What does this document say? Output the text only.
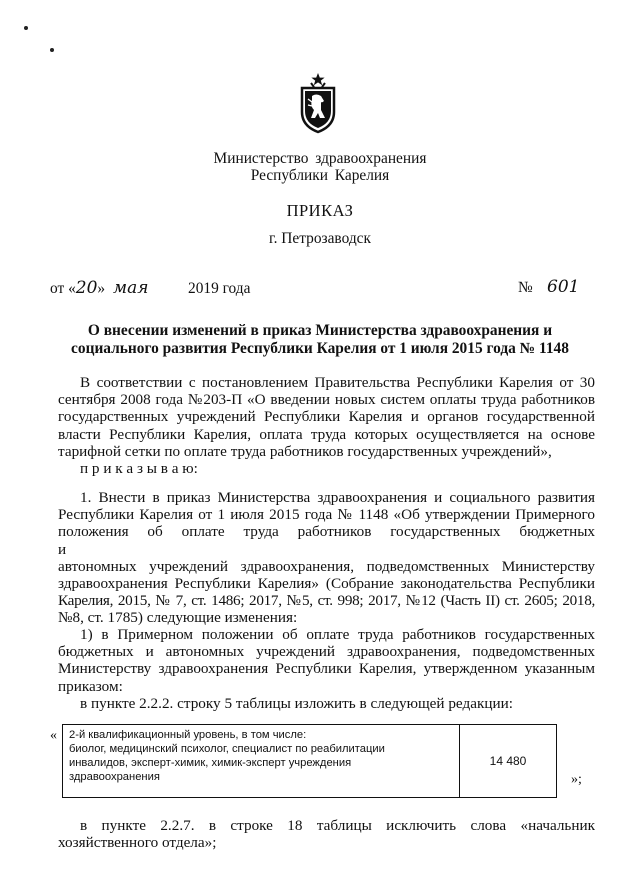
Министерство здравоохранения
Республики Карелия
ПРИКАЗ
г. Петрозаводск
от «20» мая	2019 года	№ 601
О внесении изменений в приказ Министерства здравоохранения и
социального развития Республики Карелия от 1 июля 2015 года № 1148
В соответствии с постановлением Правительства Республики Карелия от 30
сентября 2008 года №203-П «О введении новых систем оплаты труда работников
государственных учреждений Республики Карелия и органов государственной
власти Республики Карелия, оплата труда которых осуществляется на основе
тарифной сетки по оплате труда работников государственных учреждений»,
п р и к а з ы в а ю:
1. Внести в приказ Министерства здравоохранения и социального развития
Республики Карелия от 1 июля 2015 года № 1148 «Об утверждении Примерного
положения об оплате труда работников государственных бюджетных и
автономных учреждений здравоохранения, подведомственных Министерству
здравоохранения Республики Карелия» (Собрание законодательства Республики
Карелия, 2015, № 7, ст. 1486; 2017, №5, ст. 998; 2017, №12 (Часть II) ст. 2605; 2018,
№8, ст. 1785) следующие изменения:
1) в Примерном положении об оплате труда работников государственных
бюджетных и автономных учреждений здравоохранения, подведомственных
Министерству здравоохранения Республики Карелия, утвержденном указанным
приказом:
в пункте 2.2.2. строку 5 таблицы изложить в следующей редакции:
« 2-й квалификационный уровень, в том числе:
биолог, медицинский психолог, специалист по реабилитации
инвалидов, эксперт-химик, химик-эксперт учреждения
здравоохранения
	14 480
»;
в пункте 2.2.7. в строке 18 таблицы исключить слова «начальник
хозяйственного отдела»;
